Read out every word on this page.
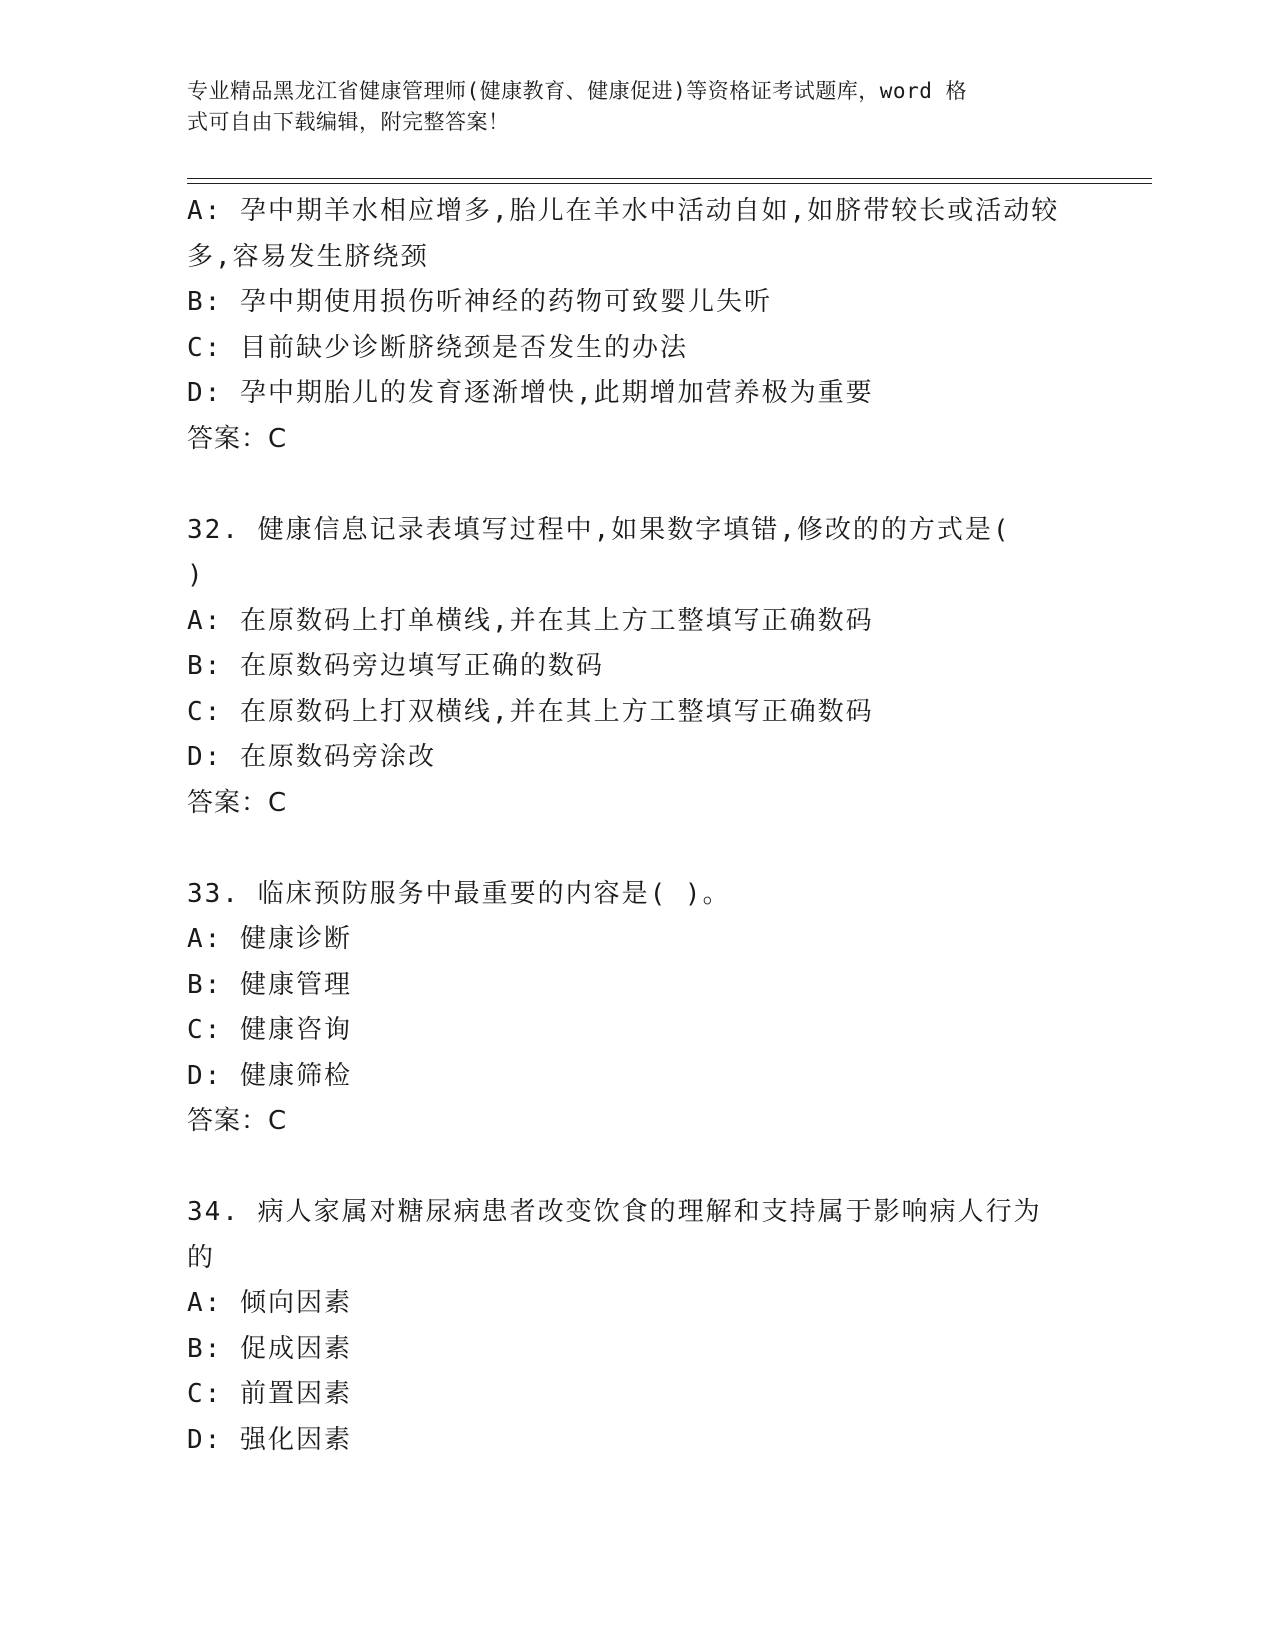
专业精品黑龙江省健康管理师(健康教育、健康促进)等资格证考试题库，word 格
式可自由下载编辑，附完整答案！
A: 孕中期羊水相应增多,胎儿在羊水中活动自如,如脐带较长或活动较
多,容易发生脐绕颈
B: 孕中期使用损伤听神经的药物可致婴儿失听
C: 目前缺少诊断脐绕颈是否发生的办法
D: 孕中期胎儿的发育逐渐增快,此期增加营养极为重要
答案：C
32. 健康信息记录表填写过程中,如果数字填错,修改的的方式是(
)
A: 在原数码上打单横线,并在其上方工整填写正确数码
B: 在原数码旁边填写正确的数码
C: 在原数码上打双横线,并在其上方工整填写正确数码
D: 在原数码旁涂改
答案：C
33. 临床预防服务中最重要的内容是( )。
A: 健康诊断
B: 健康管理
C: 健康咨询
D: 健康筛检
答案：C
34. 病人家属对糖尿病患者改变饮食的理解和支持属于影响病人行为
的
A: 倾向因素
B: 促成因素
C: 前置因素
D: 强化因素
